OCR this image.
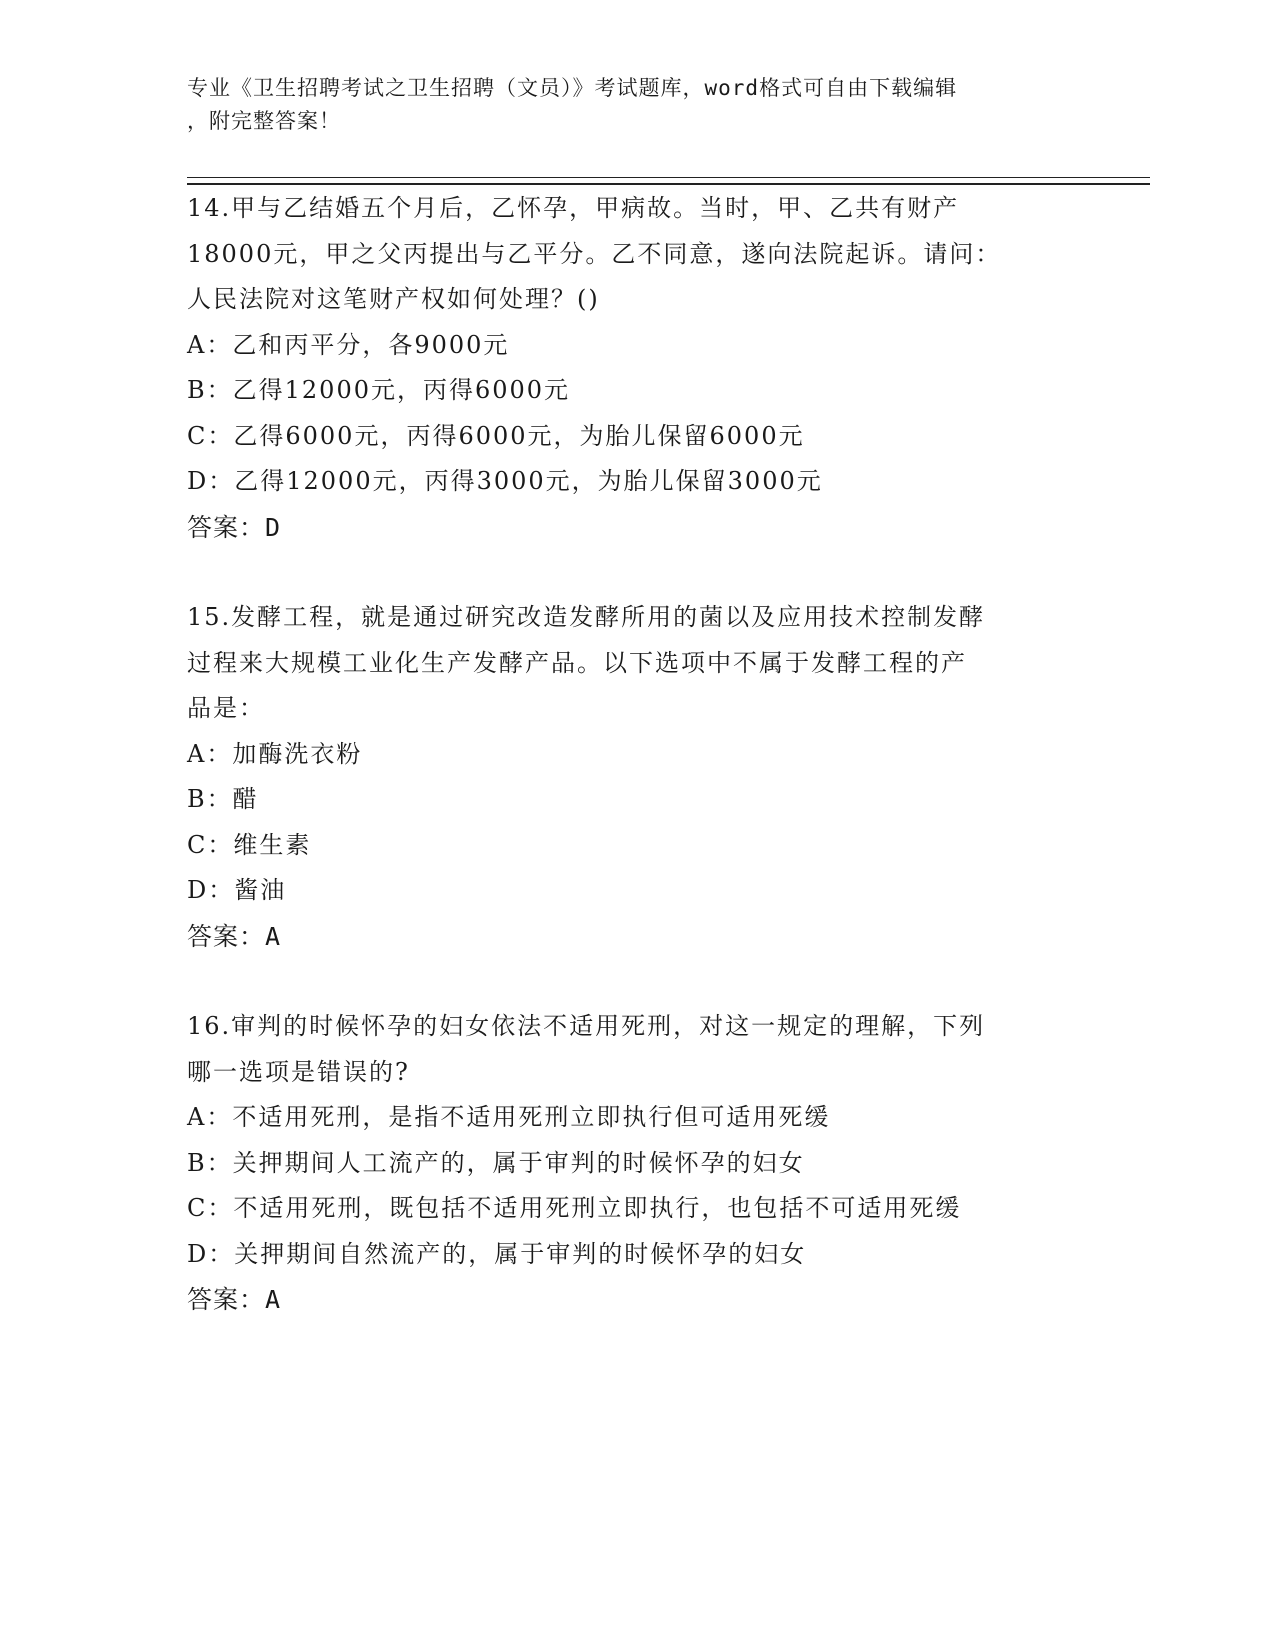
专业《卫生招聘考试之卫生招聘（文员）》考试题库，word格式可自由下载编辑
，附完整答案！
14.甲与乙结婚五个月后，乙怀孕，甲病故。当时，甲、乙共有财产
18000元，甲之父丙提出与乙平分。乙不同意，遂向法院起诉。请问：
人民法院对这笔财产权如何处理？()
A：乙和丙平分，各9000元
B：乙得12000元，丙得6000元
C：乙得6000元，丙得6000元，为胎儿保留6000元
D：乙得12000元，丙得3000元，为胎儿保留3000元
答案：D
15.发酵工程，就是通过研究改造发酵所用的菌以及应用技术控制发酵
过程来大规模工业化生产发酵产品。以下选项中不属于发酵工程的产
品是：
A：加酶洗衣粉
B：醋
C：维生素
D：酱油
答案：A
16.审判的时候怀孕的妇女依法不适用死刑，对这一规定的理解，下列
哪一选项是错误的?
A：不适用死刑，是指不适用死刑立即执行但可适用死缓
B：关押期间人工流产的，属于审判的时候怀孕的妇女
C：不适用死刑，既包括不适用死刑立即执行，也包括不可适用死缓
D：关押期间自然流产的，属于审判的时候怀孕的妇女
答案：A
